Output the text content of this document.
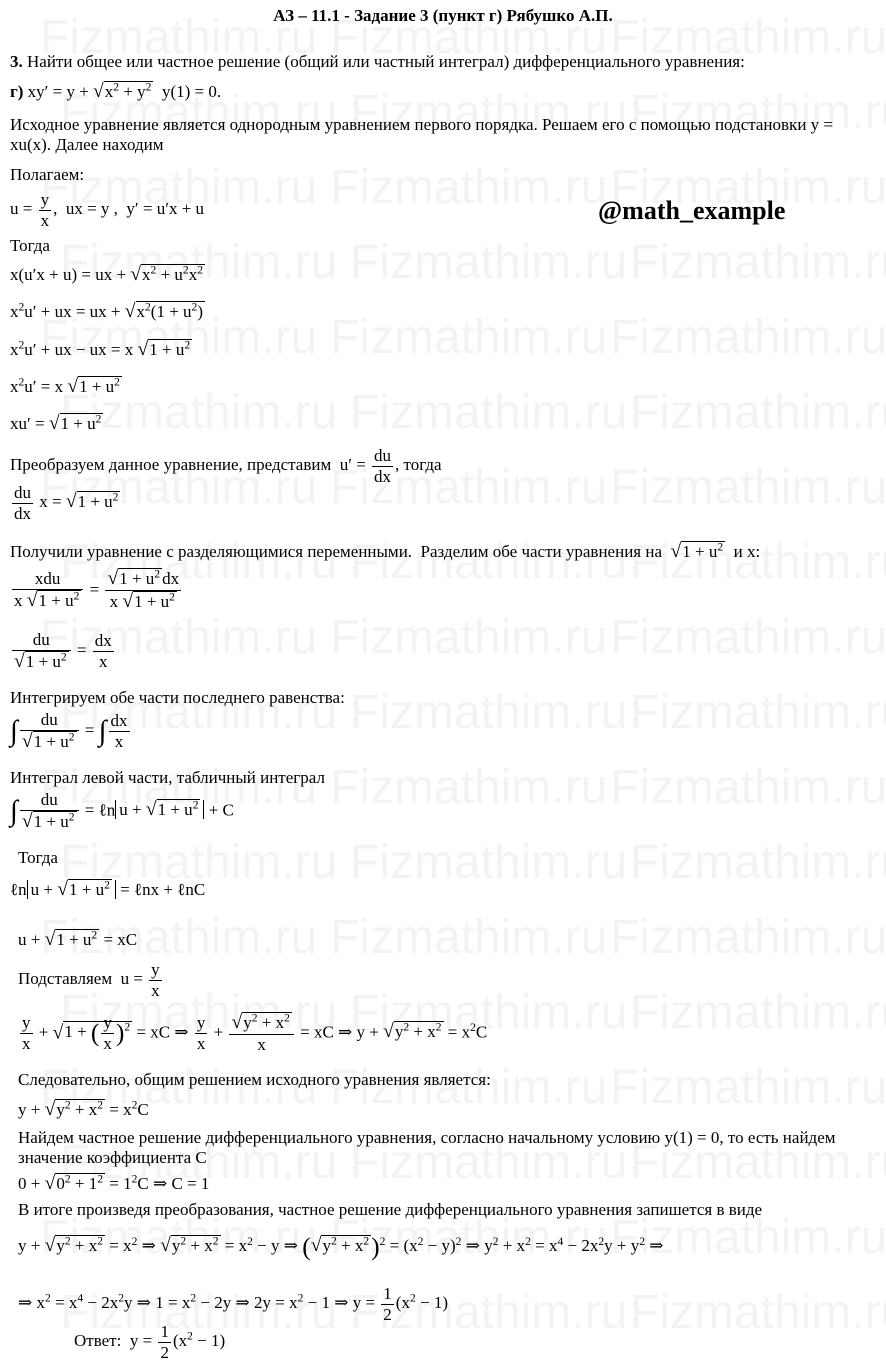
АЗ – 11.1 - Задание 3 (пункт г) Рябушко А.П.
3. Найти общее или частное решение (общий или частный интеграл) дифференциального уравнения:
г) $xy' = y + √x^2 + y^2$ y(1) = 0.
Исходное уравнение является однородным уравнением первого порядка. Решаем его с помощью подстановки y = xu(x). Далее находим
Полагаем:
$u = \frac{y}{x}$ ,  ux = y ,  y′ = u′x + u	@math_example
Тогда
x(u′x + u) = ux + $√x^2 + u^2x^2$
$x^2u'$ + ux = ux + $√x^2(1 + u^2)$
$x^2u'$ + ux − ux = x $√1 + u^2$
$x^2u' = x$ $√1 + u^2$
$xu' = √1 + u^2$
Преобразуем данное уравнение, представим  $u' = \frac{du}{dx}$ , тогда
$\frac{du}{dx}$ $x = √1 + u^2$
Получили уравнение с разделяющимися переменными. Разделим обе части уравнения на $√1 + u^2$ и x:
$\frac{\text{xdu}}{x √1 + u^2} = \frac{√1 + u^2 dx}{x √1 + u^2}$
$\frac{du}{√1 + u^2} = \frac{dx}{x}$
Интегрируем обе части последнего равенства:
∫ $\frac{du}{√1 + u^2}$ = ∫ $\frac{dx}{x}$
Интеграл левой части, табличный интеграл
∫ $\frac{du}{√1 + u^2}$ = ℓn $u + √1 + u^2 + C$
Тогда
ℓn $u + √1 + u^2$ = ℓnx + ℓnC
$u + √1 + u^2$ = xC
Подставляем $u = \frac{y}{x}$
$\frac{y}{x} + √1$ + ( $\frac{y}{x} )^2$ = xC ⇒ $\frac{y}{x} + \frac{√y^2 + x^2}{x}$ = xC ⇒ $y + √y^2 + x^2 = x^2C$
Следовательно, общим решением исходного уравнения является:
$y + √y^2 + x^2 = x^2C$
Найдем частное решение дифференциального уравнения, согласно начальному условию y(1) = 0, то есть найдем значение коэффициента C
$0 + √0^2 + 1^2 = 1^2C$ ⇒ C = 1
В итоге произведя преобразования, частное решение дифференциального уравнения запишется в виде
$y + √y^2 + x^2 = x^2$ ⇒ $√y^2 + x^2 = x^2 - y$ ⇒ $(√y^2 + x^2)^2 = (x^2 - y)^2$ ⇒ $y^2 + x^2 = x^4 - 2x^2y + y^2$ ⇒
⇒ $x^2 = x^4 - 2x^2y$ ⇒ $1 = x^2 - 2y$ ⇒ $2y = x^2 - 1$ ⇒ $y = \frac{1}{2} (x^2 - 1)$
Ответ: $y = \frac{1}{2} (x^2 - 1)$
